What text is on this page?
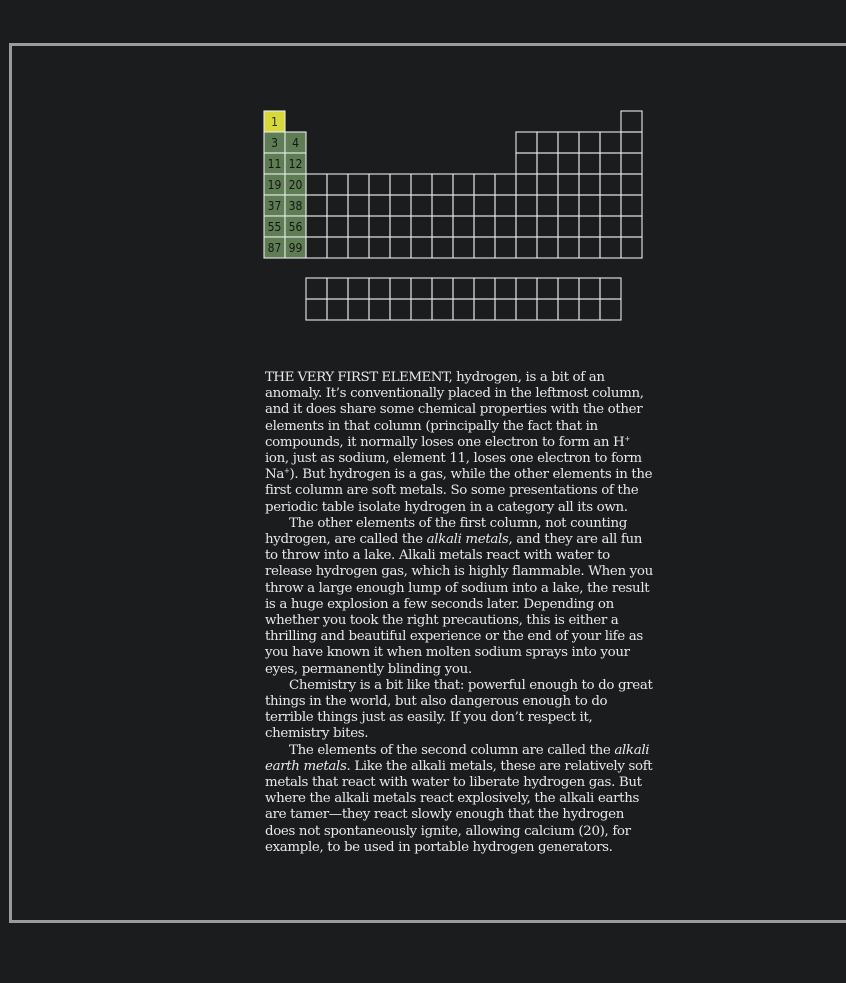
1
3 4
11 12
19 20
37 38
55 56
87 99

THE VERY FIRST ELEMENT, hydrogen, is a bit of an anomaly. It’s conventionally placed in the leftmost column, and it does share some chemical properties with the other elements in that column (principally the fact that in compounds, it normally loses one electron to form an H+ ion, just as sodium, element 11, loses one electron to form Na+). But hydrogen is a gas, while the other elements in the first column are soft metals. So some presentations of the periodic table isolate hydrogen in a category all its own.

The other elements of the first column, not counting hydrogen, are called the alkali metals, and they are all fun to throw into a lake. Alkali metals react with water to release hydrogen gas, which is highly flammable. When you throw a large enough lump of sodium into a lake, the result is a huge explosion a few seconds later. Depending on whether you took the right precautions, this is either a thrilling and beautiful experience or the end of your life as you have known it when molten sodium sprays into your eyes, permanently blinding you.

Chemistry is a bit like that: powerful enough to do great things in the world, but also dangerous enough to do terrible things just as easily. If you don’t respect it, chemistry bites.

The elements of the second column are called the alkali earth metals. Like the alkali metals, these are relatively soft metals that react with water to liberate hydrogen gas. But where the alkali metals react explosively, the alkali earths are tamer—they react slowly enough that the hydrogen does not spontaneously ignite, allowing calcium (20), for example, to be used in portable hydrogen generators.
